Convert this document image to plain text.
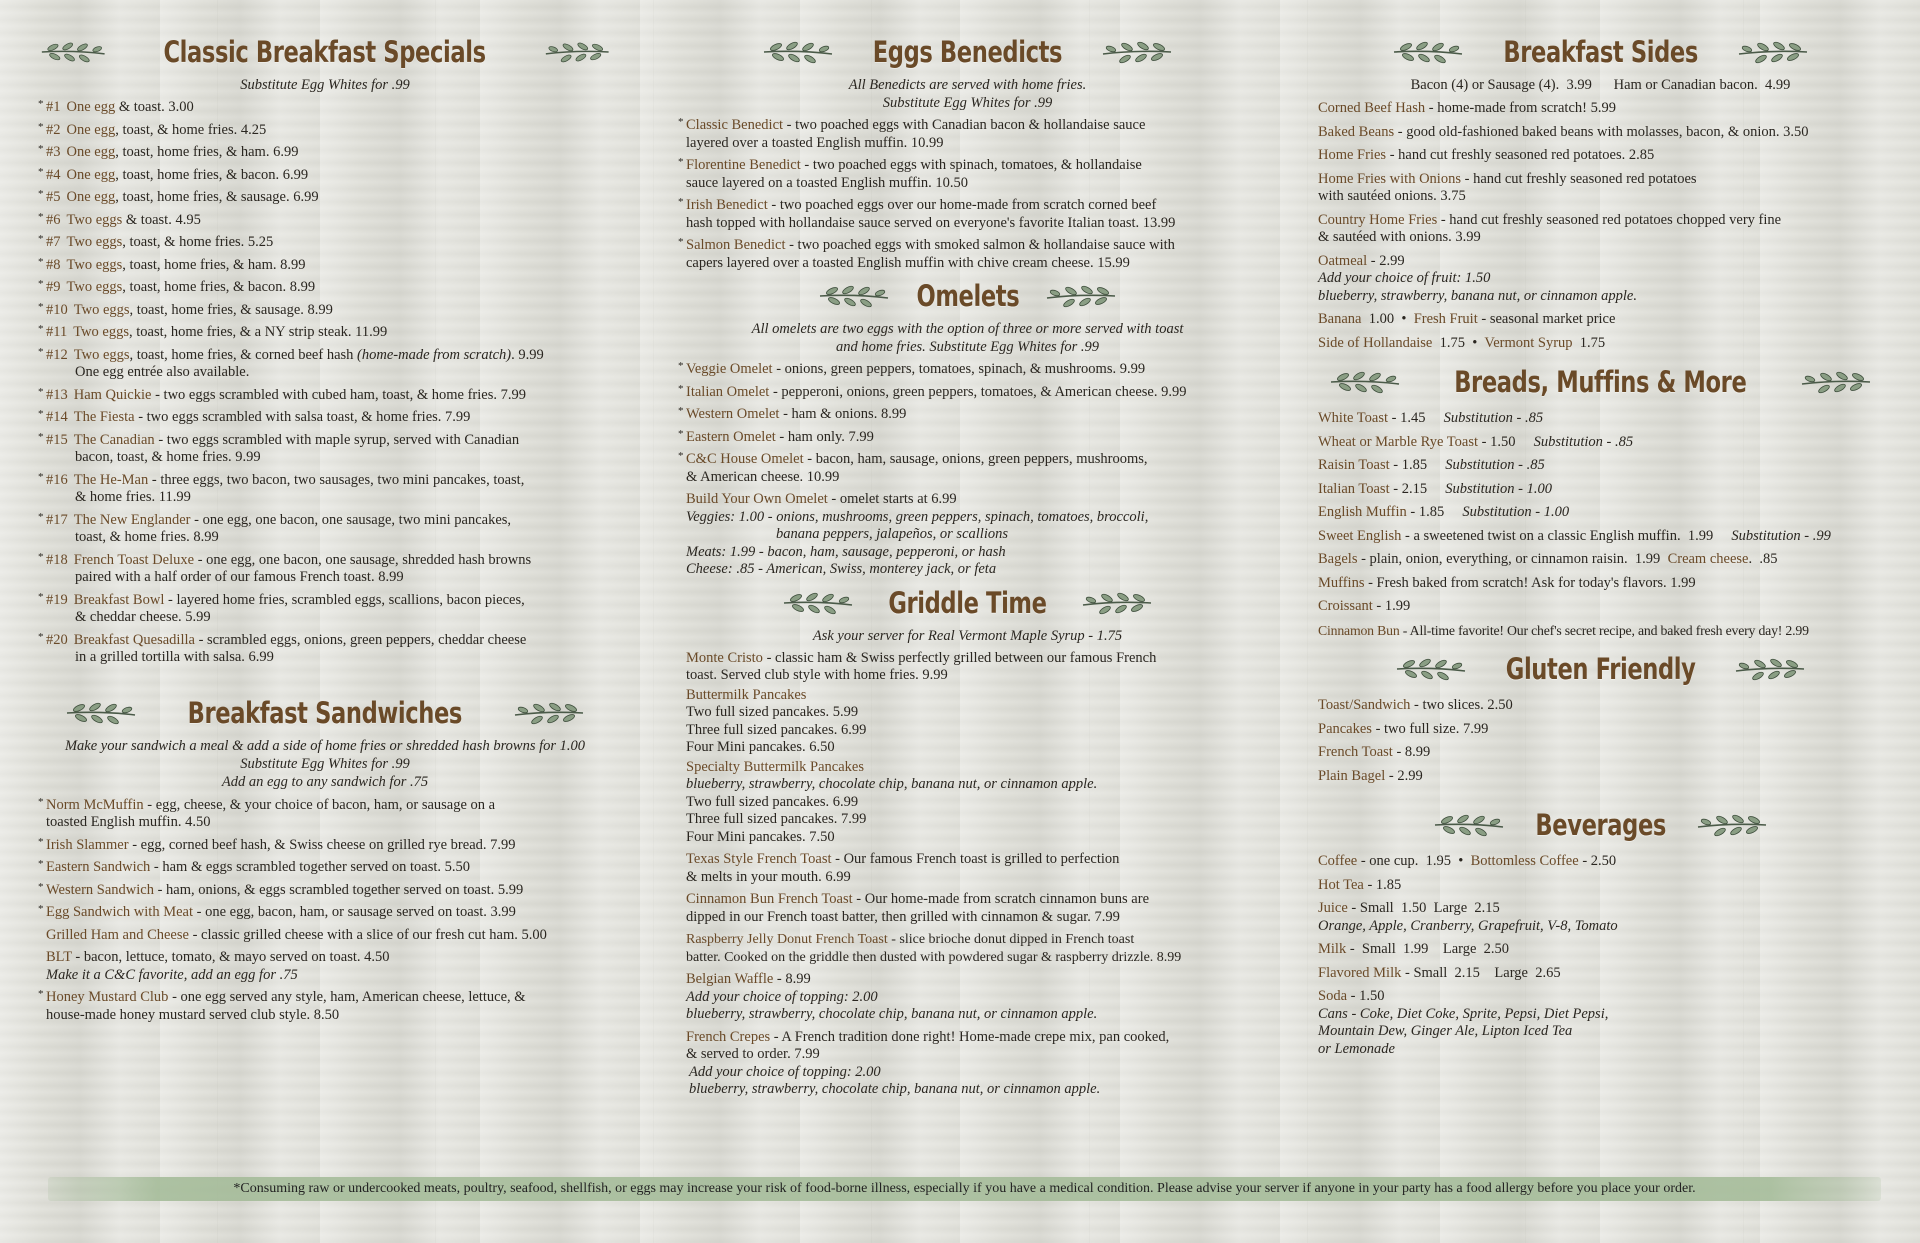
Classic Breakfast Specials
Substitute Egg Whites for .99
* #1 One egg & toast. 3.00
* #2 One egg, toast, & home fries. 4.25
* #3 One egg, toast, home fries, & ham. 6.99
* #4 One egg, toast, home fries, & bacon. 6.99
* #5 One egg, toast, home fries, & sausage. 6.99
* #6 Two eggs & toast. 4.95
* #7 Two eggs, toast, & home fries. 5.25
* #8 Two eggs, toast, home fries, & ham. 8.99
* #9 Two eggs, toast, home fries, & bacon. 8.99
* #10 Two eggs, toast, home fries, & sausage. 8.99
* #11 Two eggs, toast, home fries, & a NY strip steak. 11.99
* #12 Two eggs, toast, home fries, & corned beef hash (home-made from scratch). 9.99
One egg entrée also available.
* #13 Ham Quickie - two eggs scrambled with cubed ham, toast, & home fries. 7.99
* #14 The Fiesta - two eggs scrambled with salsa toast, & home fries. 7.99
* #15 The Canadian - two eggs scrambled with maple syrup, served with Canadian
bacon, toast, & home fries. 9.99
* #16 The He-Man - three eggs, two bacon, two sausages, two mini pancakes, toast,
& home fries. 11.99
* #17 The New Englander - one egg, one bacon, one sausage, two mini pancakes,
toast, & home fries. 8.99
* #18 French Toast Deluxe - one egg, one bacon, one sausage, shredded hash browns
paired with a half order of our famous French toast. 8.99
* #19 Breakfast Bowl - layered home fries, scrambled eggs, scallions, bacon pieces,
& cheddar cheese. 5.99
* #20 Breakfast Quesadilla - scrambled eggs, onions, green peppers, cheddar cheese
in a grilled tortilla with salsa. 6.99
Breakfast Sandwiches
Make your sandwich a meal & add a side of home fries or shredded hash browns for 1.00
Substitute Egg Whites for .99
Add an egg to any sandwich for .75
* Norm McMuffin - egg, cheese, & your choice of bacon, ham, or sausage on a
toasted English muffin. 4.50
* Irish Slammer - egg, corned beef hash, & Swiss cheese on grilled rye bread. 7.99
* Eastern Sandwich - ham & eggs scrambled together served on toast. 5.50
* Western Sandwich - ham, onions, & eggs scrambled together served on toast. 5.99
* Egg Sandwich with Meat - one egg, bacon, ham, or sausage served on toast. 3.99
Grilled Ham and Cheese - classic grilled cheese with a slice of our fresh cut ham. 5.00
BLT - bacon, lettuce, tomato, & mayo served on toast. 4.50
Make it a C&C favorite, add an egg for .75
* Honey Mustard Club - one egg served any style, ham, American cheese, lettuce, &
house-made honey mustard served club style. 8.50
Eggs Benedicts
All Benedicts are served with home fries.
Substitute Egg Whites for .99
* Classic Benedict - two poached eggs with Canadian bacon & hollandaise sauce
layered over a toasted English muffin. 10.99
* Florentine Benedict - two poached eggs with spinach, tomatoes, & hollandaise
sauce layered on a toasted English muffin. 10.50
* Irish Benedict - two poached eggs over our home-made from scratch corned beef
hash topped with hollandaise sauce served on everyone's favorite Italian toast. 13.99
* Salmon Benedict - two poached eggs with smoked salmon & hollandaise sauce with
capers layered over a toasted English muffin with chive cream cheese. 15.99
Omelets
All omelets are two eggs with the option of three or more served with toast
and home fries. Substitute Egg Whites for .99
* Veggie Omelet - onions, green peppers, tomatoes, spinach, & mushrooms. 9.99
* Italian Omelet - pepperoni, onions, green peppers, tomatoes, & American cheese. 9.99
* Western Omelet - ham & onions. 8.99
* Eastern Omelet - ham only. 7.99
* C&C House Omelet - bacon, ham, sausage, onions, green peppers, mushrooms,
& American cheese. 10.99
Build Your Own Omelet - omelet starts at 6.99
Veggies: 1.00 - onions, mushrooms, green peppers, spinach, tomatoes, broccoli,
banana peppers, jalapeños, or scallions
Meats: 1.99 - bacon, ham, sausage, pepperoni, or hash
Cheese: .85 - American, Swiss, monterey jack, or feta
Griddle Time
Ask your server for Real Vermont Maple Syrup - 1.75
Monte Cristo - classic ham & Swiss perfectly grilled between our famous French
toast. Served club style with home fries. 9.99
Buttermilk Pancakes
Two full sized pancakes. 5.99
Three full sized pancakes. 6.99
Four Mini pancakes. 6.50
Specialty Buttermilk Pancakes
blueberry, strawberry, chocolate chip, banana nut, or cinnamon apple.
Two full sized pancakes. 6.99
Three full sized pancakes. 7.99
Four Mini pancakes. 7.50
Texas Style French Toast - Our famous French toast is grilled to perfection
& melts in your mouth. 6.99
Cinnamon Bun French Toast - Our home-made from scratch cinnamon buns are
dipped in our French toast batter, then grilled with cinnamon & sugar. 7.99
Raspberry Jelly Donut French Toast - slice brioche donut dipped in French toast
batter. Cooked on the griddle then dusted with powdered sugar & raspberry drizzle. 8.99
Belgian Waffle - 8.99
Add your choice of topping: 2.00
blueberry, strawberry, chocolate chip, banana nut, or cinnamon apple.
French Crepes - A French tradition done right! Home-made crepe mix, pan cooked,
& served to order. 7.99
Add your choice of topping: 2.00
blueberry, strawberry, chocolate chip, banana nut, or cinnamon apple.
Breakfast Sides
Bacon (4) or Sausage (4).  3.99      Ham or Canadian bacon.  4.99
Corned Beef Hash - home-made from scratch! 5.99
Baked Beans - good old-fashioned baked beans with molasses, bacon, & onion. 3.50
Home Fries - hand cut freshly seasoned red potatoes. 2.85
Home Fries with Onions - hand cut freshly seasoned red potatoes
with sautéed onions. 3.75
Country Home Fries - hand cut freshly seasoned red potatoes chopped very fine
& sautéed with onions. 3.99
Oatmeal - 2.99
Add your choice of fruit: 1.50
blueberry, strawberry, banana nut, or cinnamon apple.
Banana  1.00  •  Fresh Fruit - seasonal market price
Side of Hollandaise  1.75  •  Vermont Syrup  1.75
Breads, Muffins & More
White Toast - 1.45     Substitution - .85
Wheat or Marble Rye Toast - 1.50     Substitution - .85
Raisin Toast - 1.85     Substitution - .85
Italian Toast - 2.15     Substitution - 1.00
English Muffin - 1.85     Substitution - 1.00
Sweet English - a sweetened twist on a classic English muffin.  1.99     Substitution - .99
Bagels - plain, onion, everything, or cinnamon raisin.  1.99  Cream cheese.  .85
Muffins - Fresh baked from scratch! Ask for today's flavors. 1.99
Croissant - 1.99
Cinnamon Bun - All-time favorite! Our chef's secret recipe, and baked fresh every day! 2.99
Gluten Friendly
Toast/Sandwich - two slices. 2.50
Pancakes - two full size. 7.99
French Toast - 8.99
Plain Bagel - 2.99
Beverages
Coffee - one cup.  1.95  •  Bottomless Coffee - 2.50
Hot Tea - 1.85
Juice - Small  1.50  Large  2.15
Orange, Apple, Cranberry, Grapefruit, V-8, Tomato
Milk -  Small  1.99    Large  2.50
Flavored Milk - Small  2.15    Large  2.65
Soda - 1.50
Cans - Coke, Diet Coke, Sprite, Pepsi, Diet Pepsi,
Mountain Dew, Ginger Ale, Lipton Iced Tea
or Lemonade
*Consuming raw or undercooked meats, poultry, seafood, shellfish, or eggs may increase your risk of food-borne illness, especially if you have a medical condition. Please advise your server if anyone in your party has a food allergy before you place your order.
